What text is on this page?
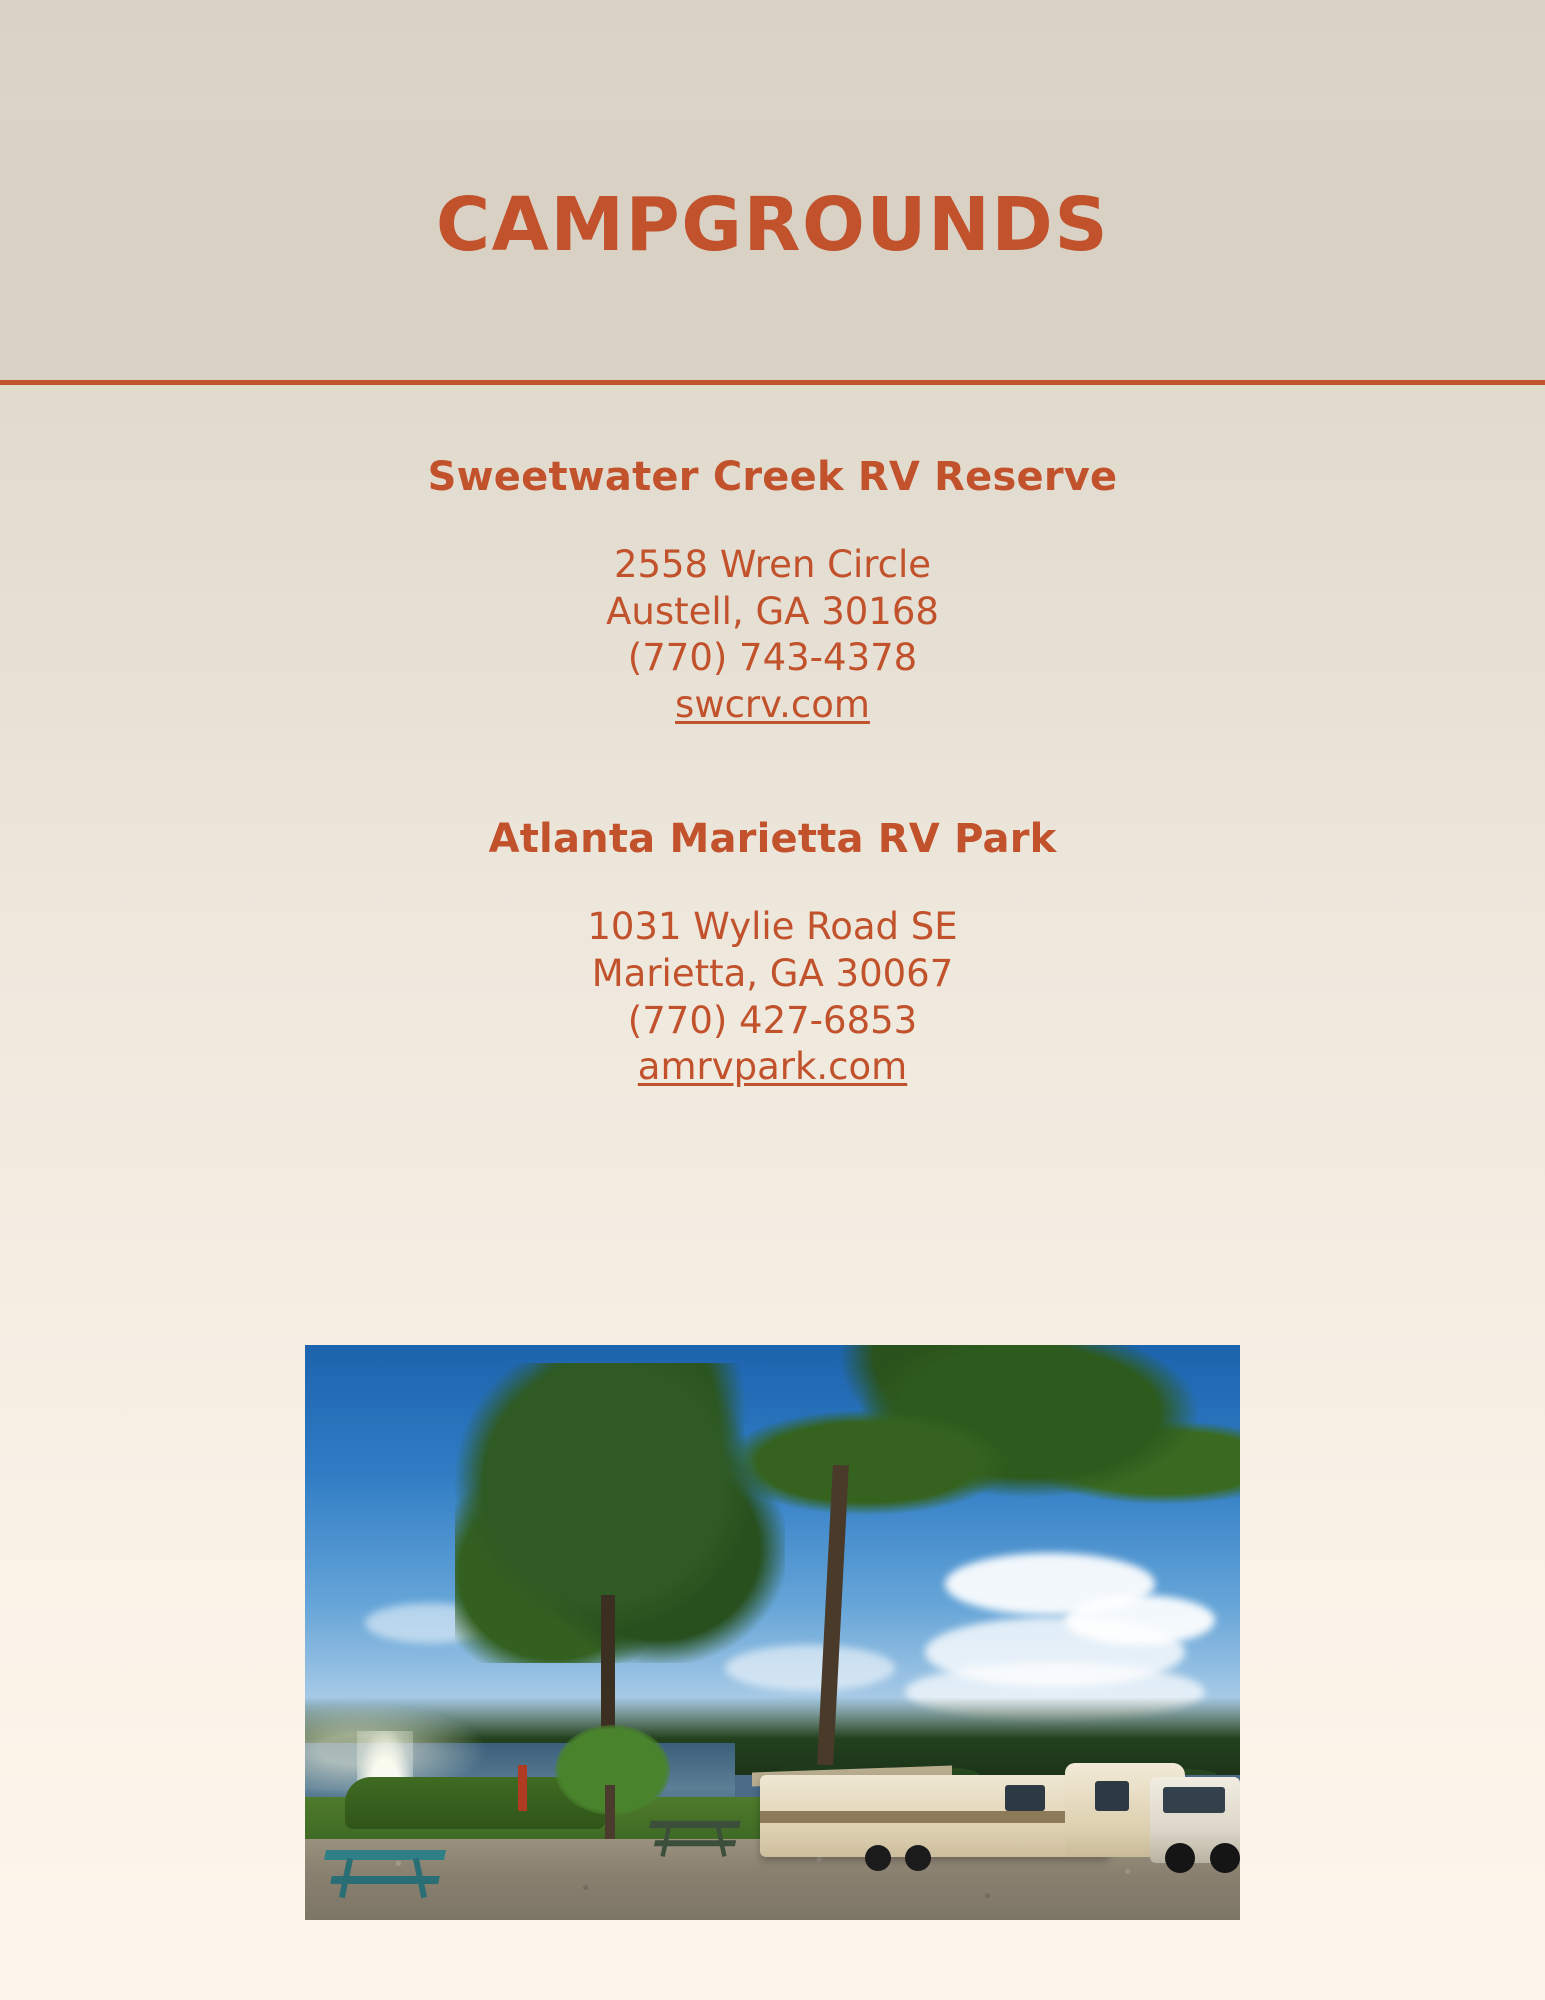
CAMPGROUNDS
Sweetwater Creek RV Reserve
2558 Wren Circle
Austell, GA 30168
(770) 743-4378
swcrv.com
Atlanta Marietta RV Park
1031 Wylie Road SE
Marietta, GA 30067
(770) 427-6853
amrvpark.com
